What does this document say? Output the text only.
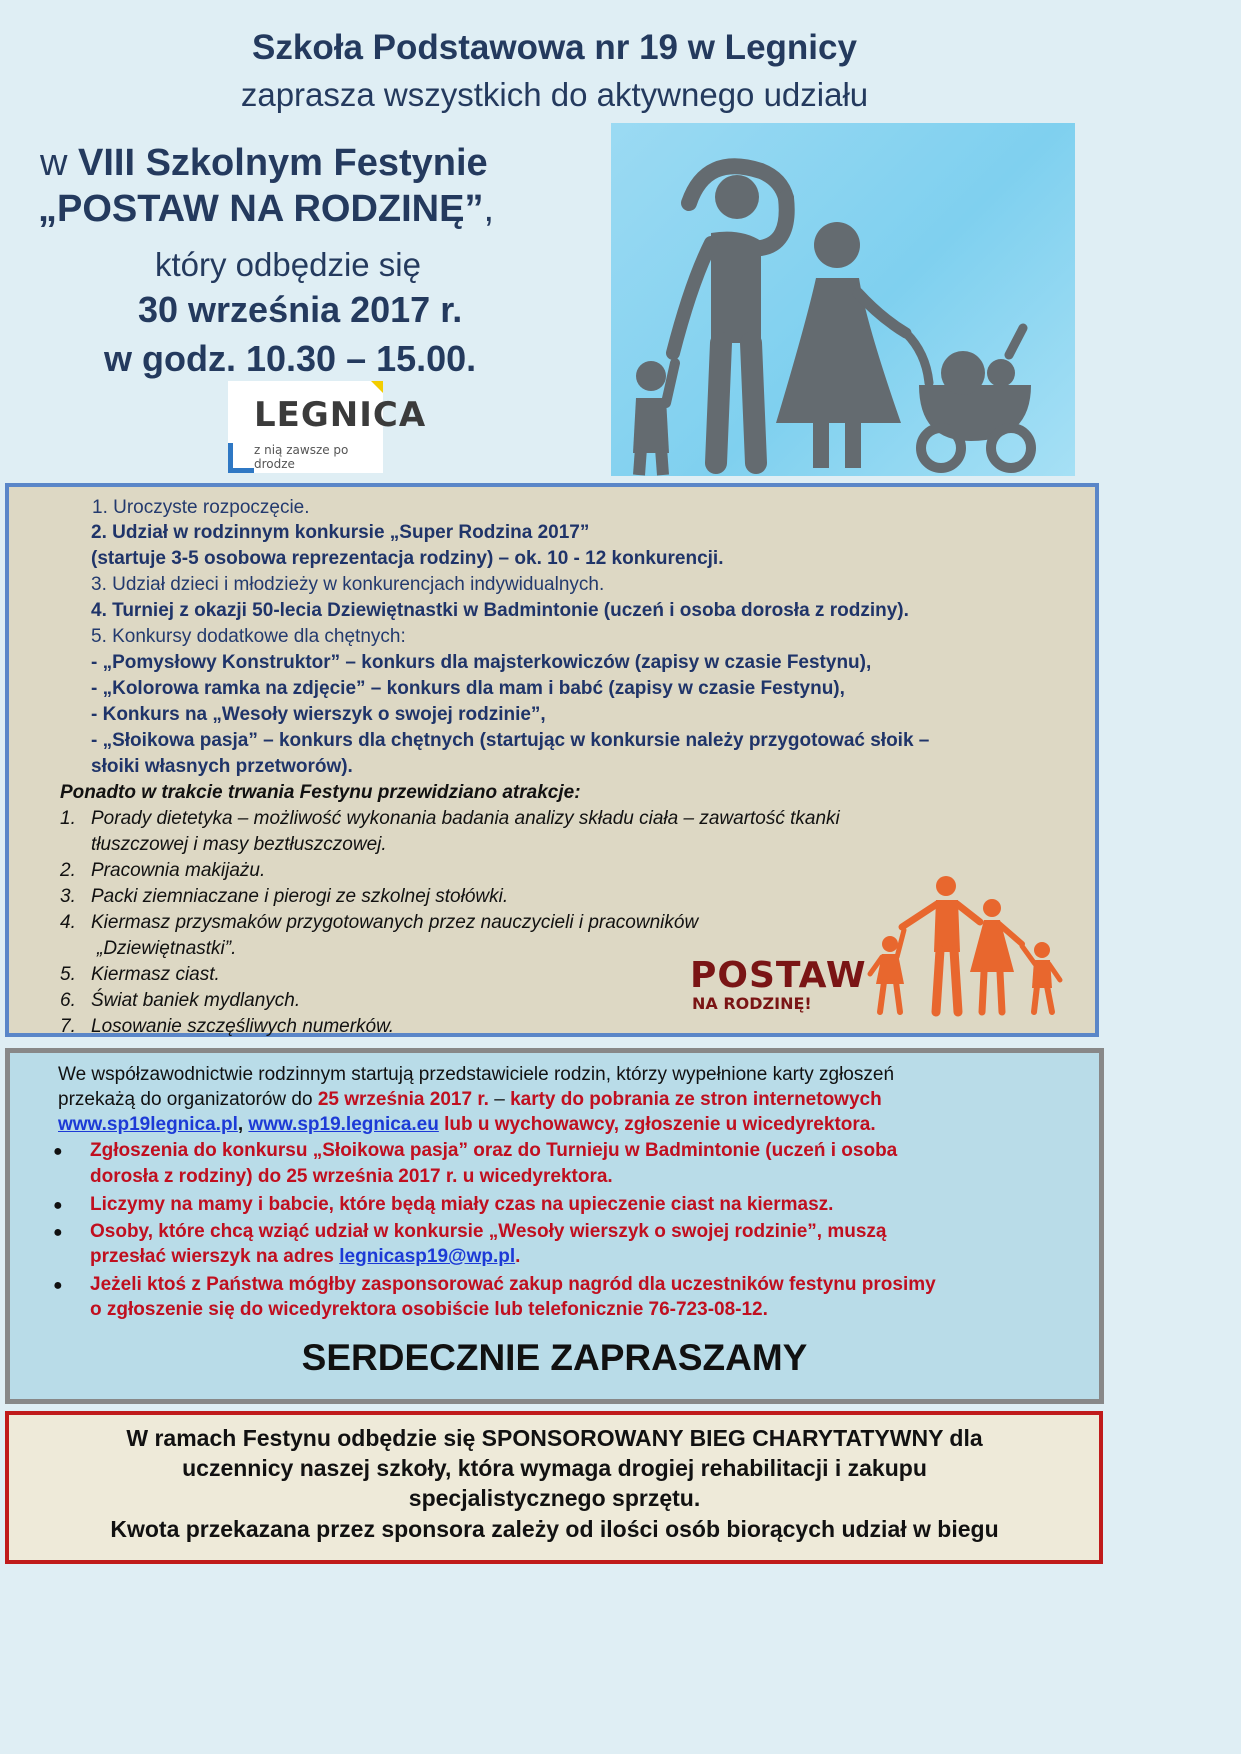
Szkoła Podstawowa nr 19 w Legnicy
zaprasza wszystkich do aktywnego udziału
w VIII Szkolnym Festynie
„POSTAW NA RODZINĘ”,
który odbędzie się
30 września 2017 r.
w godz. 10.30 – 15.00.
LEGNICA
z nią zawsze po drodze
1. Uroczyste rozpoczęcie.
2. Udział w rodzinnym konkursie „Super Rodzina 2017”
(startuje 3-5 osobowa reprezentacja rodziny) – ok. 10 - 12 konkurencji.
3. Udział dzieci i młodzieży w konkurencjach indywidualnych.
4. Turniej z okazji 50-lecia Dziewiętnastki w Badmintonie (uczeń i osoba dorosła z rodziny).
5. Konkursy dodatkowe dla chętnych:
- „Pomysłowy Konstruktor” – konkurs dla majsterkowiczów (zapisy w czasie Festynu),
- „Kolorowa ramka na zdjęcie” – konkurs dla mam i babć (zapisy w czasie Festynu),
- Konkurs na „Wesoły wierszyk o swojej rodzinie”,
- „Słoikowa pasja” – konkurs dla chętnych (startując w konkursie należy przygotować słoik –
słoiki własnych przetworów).
Ponadto w trakcie trwania Festynu przewidziano atrakcje:
1. Porady dietetyka – możliwość wykonania badania analizy składu ciała – zawartość tkanki
tłuszczowej i masy beztłuszczowej.
2. Pracownia makijażu.
3. Packi ziemniaczane i pierogi ze szkolnej stołówki.
4. Kiermasz przysmaków przygotowanych przez nauczycieli i pracowników
„Dziewiętnastki”.
5. Kiermasz ciast.
6. Świat baniek mydlanych.
7. Losowanie szczęśliwych numerków.
POSTAW
NA RODZINĘ!
We współzawodnictwie rodzinnym startują przedstawiciele rodzin, którzy wypełnione karty zgłoszeń
przekażą do organizatorów do 25 września 2017 r. – karty do pobrania ze stron internetowych
www.sp19legnica.pl, www.sp19.legnica.eu lub u wychowawcy, zgłoszenie u wicedyrektora.
● Zgłoszenia do konkursu „Słoikowa pasja” oraz do Turnieju w Badmintonie (uczeń i osoba
dorosła z rodziny) do 25 września 2017 r. u wicedyrektora.
● Liczymy na mamy i babcie, które będą miały czas na upieczenie ciast na kiermasz.
● Osoby, które chcą wziąć udział w konkursie „Wesoły wierszyk o swojej rodzinie”, muszą
przesłać wierszyk na adres legnicasp19@wp.pl.
● Jeżeli ktoś z Państwa mógłby zasponsorować zakup nagród dla uczestników festynu prosimy
o zgłoszenie się do wicedyrektora osobiście lub telefonicznie 76-723-08-12.
SERDECZNIE ZAPRASZAMY
W ramach Festynu odbędzie się SPONSOROWANY BIEG CHARYTATYWNY dla
uczennicy naszej szkoły, która wymaga drogiej rehabilitacji i zakupu
specjalistycznego sprzętu.
Kwota przekazana przez sponsora zależy od ilości osób biorących udział w biegu
